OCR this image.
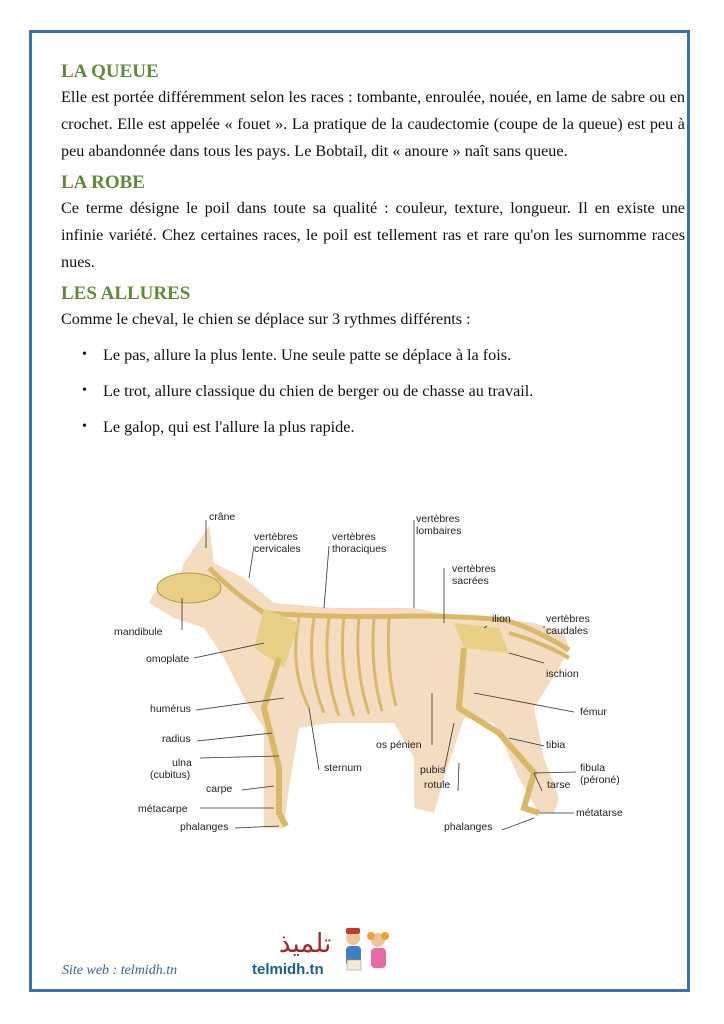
LA QUEUE

Elle est portée différemment selon les races : tombante, enroulée, nouée, en lame de sabre ou en crochet. Elle est appelée « fouet ». La pratique de la caudectomie (coupe de la queue) est peu à peu abandonnée dans tous les pays. Le Bobtail, dit « anoure » naît sans queue.

LA ROBE

Ce terme désigne le poil dans toute sa qualité : couleur, texture, longueur. Il en existe une infinie variété. Chez certaines races, le poil est tellement ras et rare qu'on les surnomme races nues.

LES ALLURES

Comme le cheval, le chien se déplace sur 3 rythmes différents :

• Le pas, allure la plus lente. Une seule patte se déplace à la fois.
• Le trot, allure classique du chien de berger ou de chasse au travail.
• Le galop, qui est l'allure la plus rapide.
crâne
vertèbres
cervicales
vertèbres
thoraciques
vertèbres
lombaires
vertèbres
sacrées
ilion	vertèbres
caudales
mandibule
omoplate
ischion
humérus	fémur
radius	os pénien	tibia
ulna
(cubitus)
sternum	pubis	fibula
(péroné)
carpe	rotule	tarse
métacarpe	métatarse
phalanges	phalanges
Site web : telmidh.tn
تلميذ
telmidh.tn
